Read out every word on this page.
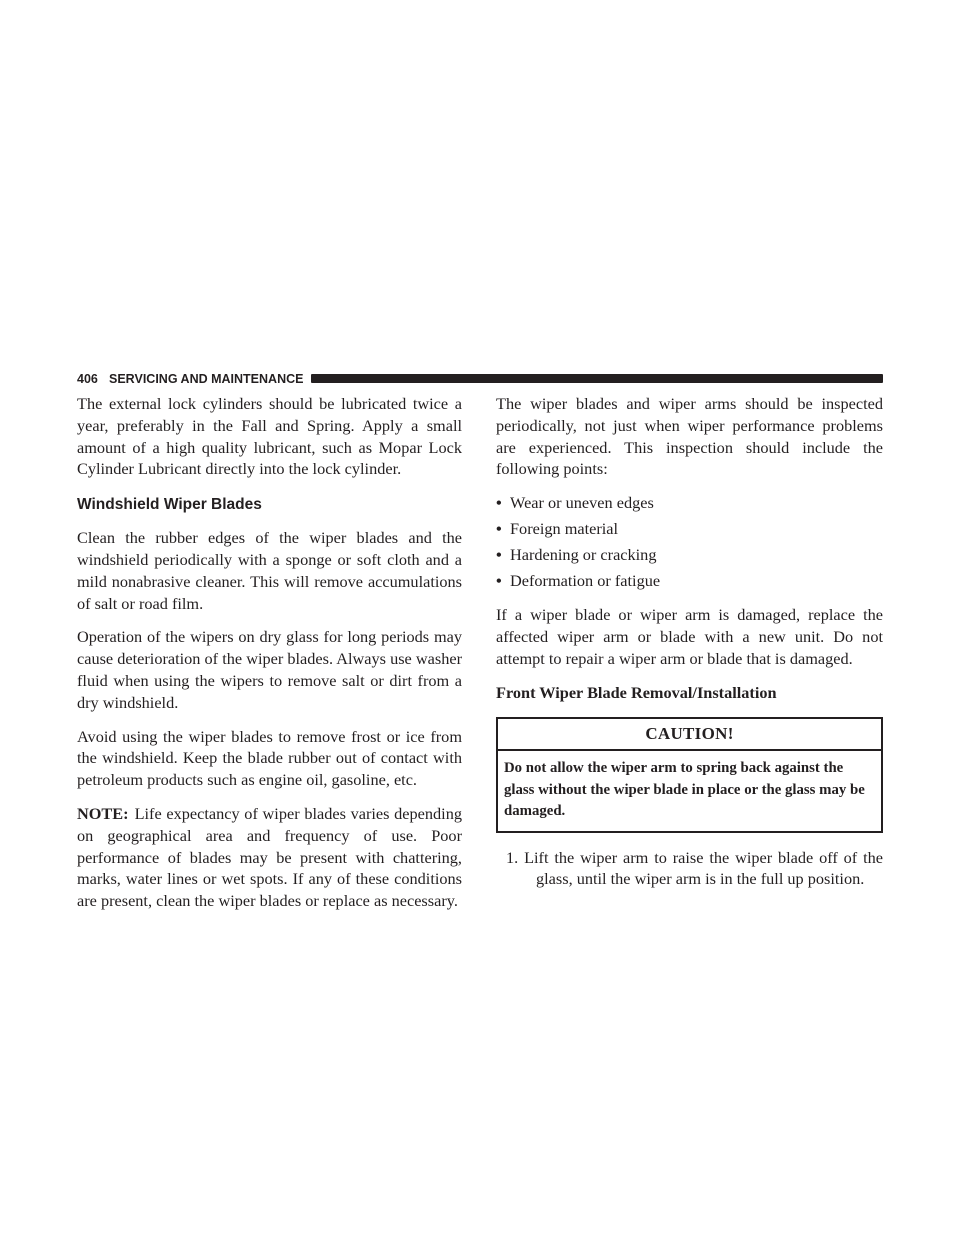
406 SERVICING AND MAINTENANCE

The external lock cylinders should be lubricated twice a year, preferably in the Fall and Spring. Apply a small amount of a high quality lubricant, such as Mopar Lock Cylinder Lubricant directly into the lock cylinder.

Windshield Wiper Blades

Clean the rubber edges of the wiper blades and the windshield periodically with a sponge or soft cloth and a mild nonabrasive cleaner. This will remove accumulations of salt or road film.

Operation of the wipers on dry glass for long periods may cause deterioration of the wiper blades. Always use washer fluid when using the wipers to remove salt or dirt from a dry windshield.

Avoid using the wiper blades to remove frost or ice from the windshield. Keep the blade rubber out of contact with petroleum products such as engine oil, gasoline, etc.

NOTE: Life expectancy of wiper blades varies depending on geographical area and frequency of use. Poor performance of blades may be present with chattering, marks, water lines or wet spots. If any of these conditions are present, clean the wiper blades or replace as necessary.

The wiper blades and wiper arms should be inspected periodically, not just when wiper performance problems are experienced. This inspection should include the following points:

• Wear or uneven edges
• Foreign material
• Hardening or cracking
• Deformation or fatigue

If a wiper blade or wiper arm is damaged, replace the affected wiper arm or blade with a new unit. Do not attempt to repair a wiper arm or blade that is damaged.

Front Wiper Blade Removal/Installation
CAUTION!
Do not allow the wiper arm to spring back against the glass without the wiper blade in place or the glass may be damaged.

1. Lift the wiper arm to raise the wiper blade off of the glass, until the wiper arm is in the full up position.
